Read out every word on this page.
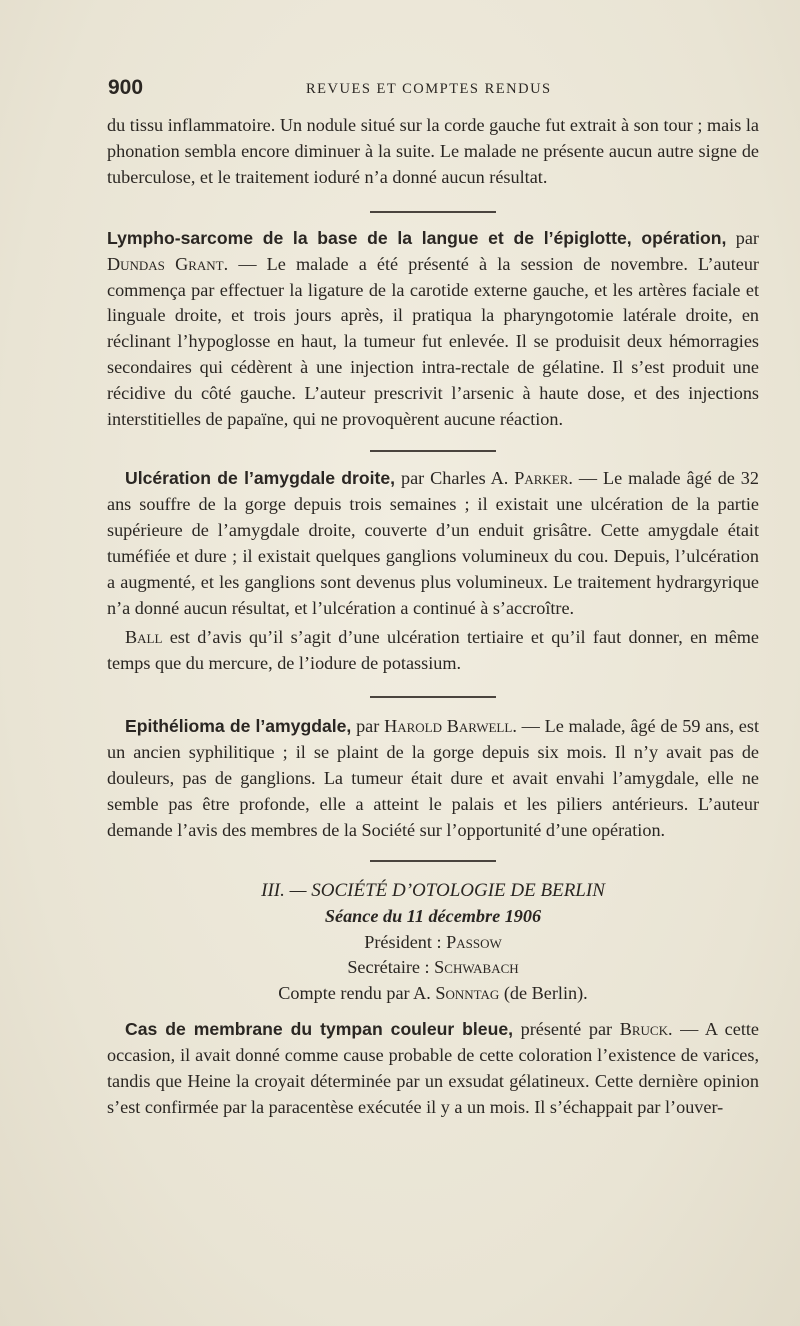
900	REVUES ET COMPTES RENDUS

du tissu inflammatoire. Un nodule situé sur la corde gauche fut extrait à son tour ; mais la phonation sembla encore diminuer à la suite. Le malade ne présente aucun autre signe de tuberculose, et le traitement ioduré n’a donné aucun résultat.

Lympho-sarcome de la base de la langue et de l’épiglotte, opération, par Dundas Grant. — Le malade a été présenté à la session de novembre. L’auteur commença par effectuer la ligature de la carotide externe gauche, et les artères faciale et linguale droite, et trois jours après, il pratiqua la pharyngotomie latérale droite, en réclinant l’hypoglosse en haut, la tumeur fut enlevée. Il se produisit deux hémorragies secondaires qui cédèrent à une injection intra-rectale de gélatine. Il s’est produit une récidive du côté gauche. L’auteur prescrivit l’arsenic à haute dose, et des injections interstitielles de papaïne, qui ne provoquèrent aucune réaction.

Ulcération de l’amygdale droite, par Charles A. Parker. — Le malade âgé de 32 ans souffre de la gorge depuis trois semaines ; il existait une ulcération de la partie supérieure de l’amygdale droite, couverte d’un enduit grisâtre. Cette amygdale était tuméfiée et dure ; il existait quelques ganglions volumineux du cou. Depuis, l’ulcération a augmenté, et les ganglions sont devenus plus volumineux. Le traitement hydrargyrique n’a donné aucun résultat, et l’ulcération a continué à s’accroître.

Ball est d’avis qu’il s’agit d’une ulcération tertiaire et qu’il faut donner, en même temps que du mercure, de l’iodure de potassium.

Epithélioma de l’amygdale, par Harold Barwell. — Le malade, âgé de 59 ans, est un ancien syphilitique ; il se plaint de la gorge depuis six mois. Il n’y avait pas de douleurs, pas de ganglions. La tumeur était dure et avait envahi l’amygdale, elle ne semble pas être profonde, elle a atteint le palais et les piliers antérieurs. L’auteur demande l’avis des membres de la Société sur l’opportunité d’une opération.

III. — SOCIÉTÉ D’OTOLOGIE DE BERLIN

Séance du 11 décembre 1906

Président : Passow

Secrétaire : Schwabach

Compte rendu par A. Sonntag (de Berlin).

Cas de membrane du tympan couleur bleue, présenté par Bruck. — A cette occasion, il avait donné comme cause probable de cette coloration l’existence de varices, tandis que Heine la croyait déterminée par un exsudat gélatineux. Cette dernière opinion s’est confirmée par la paracentèse exécutée il y a un mois. Il s’échappait par l’ouver-
